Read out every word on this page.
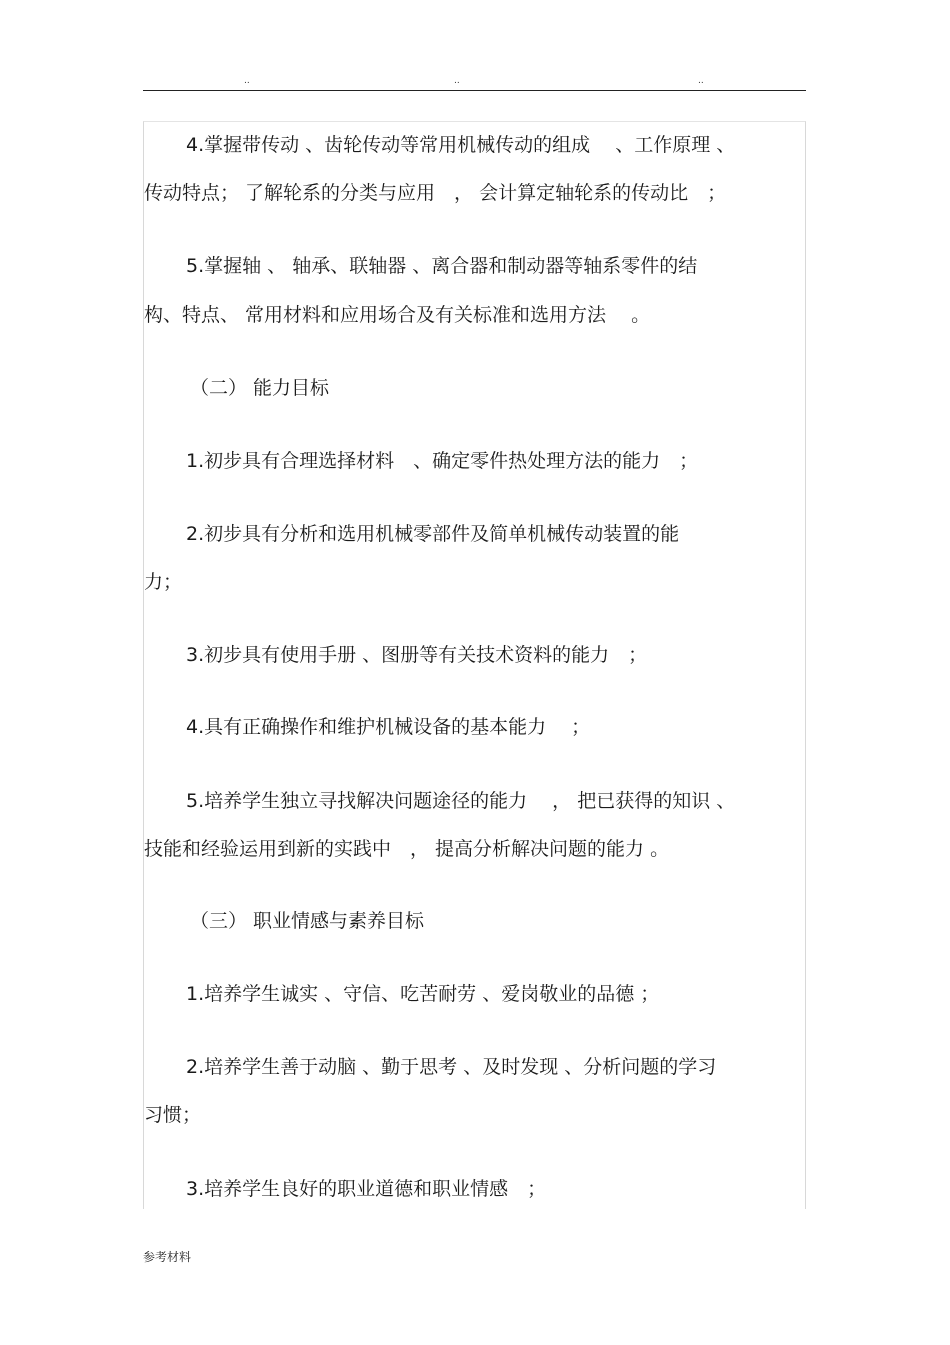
..	..	..
4.掌握带传动 、齿轮传动等常用机械传动的组成　 、工作原理 、
传动特点； 了解轮系的分类与应用　， 会计算定轴轮系的传动比　；
5.掌握轴 、 轴承、联轴器 、离合器和制动器等轴系零件的结
构、特点、 常用材料和应用场合及有关标准和选用方法　 。
（二） 能力目标
1.初步具有合理选择材料　、确定零件热处理方法的能力　；
2.初步具有分析和选用机械零部件及简单机械传动装置的能
力；
3.初步具有使用手册 、图册等有关技术资料的能力　；
4.具有正确操作和维护机械设备的基本能力　 ；
5.培养学生独立寻找解决问题途径的能力　 ， 把已获得的知识 、
技能和经验运用到新的实践中　， 提高分析解决问题的能力 。
（三） 职业情感与素养目标
1.培养学生诚实 、守信、吃苦耐劳 、爱岗敬业的品德 ；
2.培养学生善于动脑 、勤于思考 、及时发现 、分析问题的学习
习惯；
3.培养学生良好的职业道德和职业情感　；
参考材料
